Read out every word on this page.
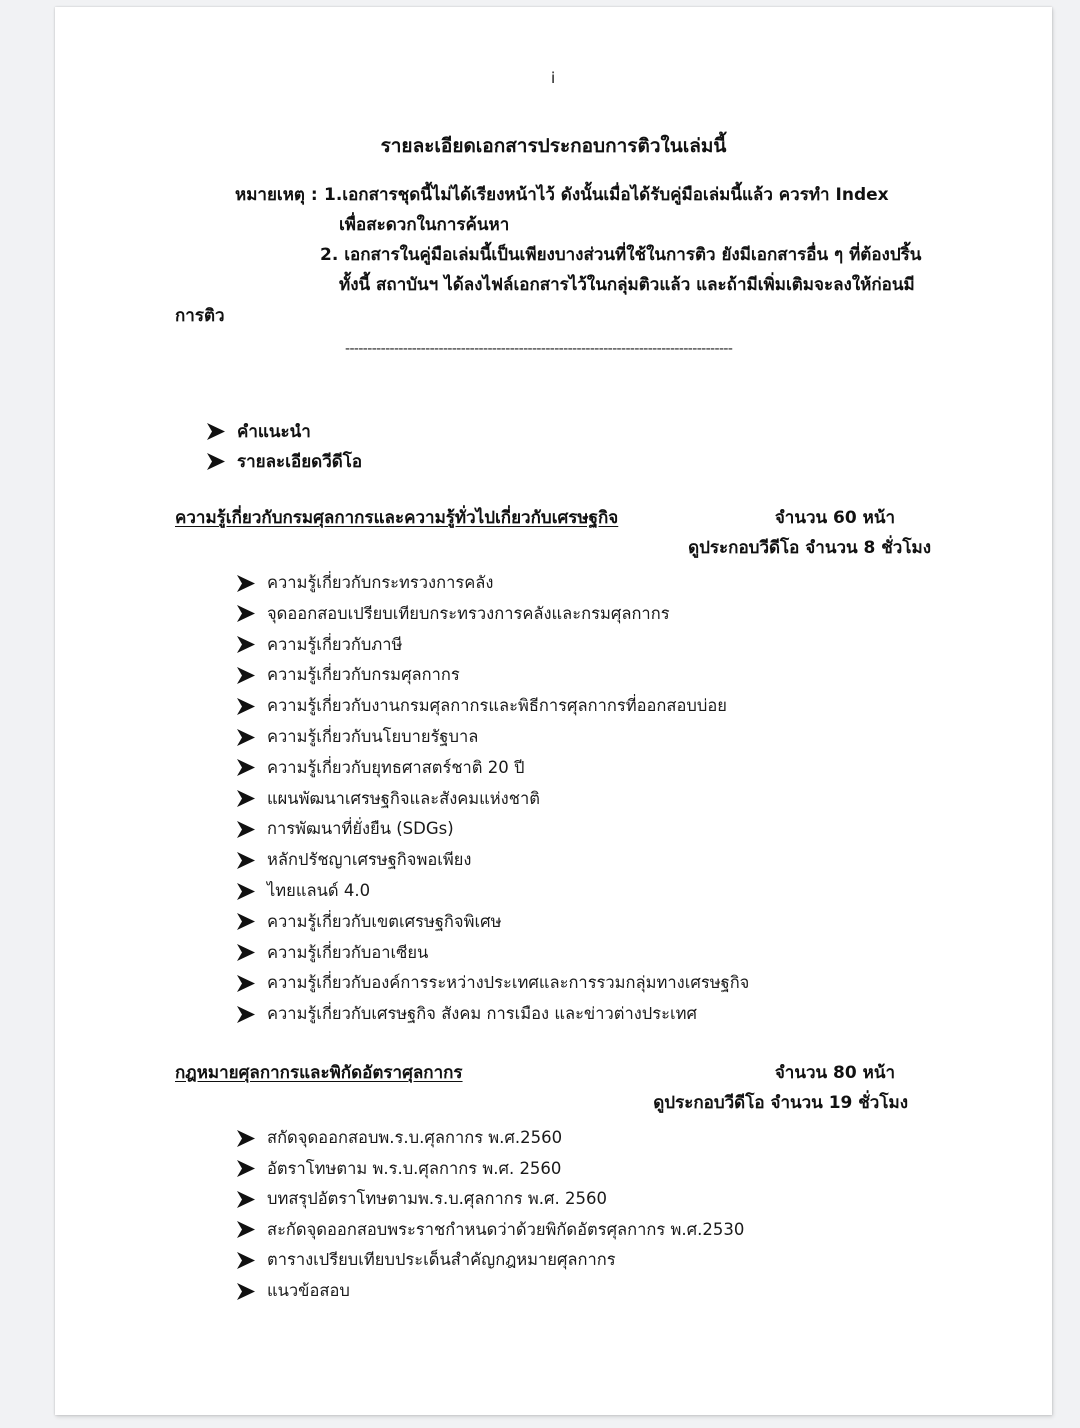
i
รายละเอียดเอกสารประกอบการติวในเล่มนี้
หมายเหตุ : 1.เอกสารชุดนี้ไม่ได้เรียงหน้าไว้ ดังนั้นเมื่อได้รับคู่มือเล่มนี้แล้ว ควรทำ Index
เพื่อสะดวกในการค้นหา
2. เอกสารในคู่มือเล่มนี้เป็นเพียงบางส่วนที่ใช้ในการติว ยังมีเอกสารอื่น ๆ ที่ต้องปริ้น
ทั้งนี้ สถาบันฯ ได้ลงไฟล์เอกสารไว้ในกลุ่มติวแล้ว และถ้ามีเพิ่มเติมจะลงให้ก่อนมี
การติว
---------------------------------------------------------------------------------------
คำแนะนำ
รายละเอียดวีดีโอ
ความรู้เกี่ยวกับกรมศุลกากรและความรู้ทั่วไปเกี่ยวกับเศรษฐกิจ	จำนวน 60 หน้า
ดูประกอบวีดีโอ จำนวน 8 ชั่วโมง
ความรู้เกี่ยวกับกระทรวงการคลัง
จุดออกสอบเปรียบเทียบกระทรวงการคลังและกรมศุลกากร
ความรู้เกี่ยวกับภาษี
ความรู้เกี่ยวกับกรมศุลกากร
ความรู้เกี่ยวกับงานกรมศุลกากรและพิธีการศุลกากรที่ออกสอบบ่อย
ความรู้เกี่ยวกับนโยบายรัฐบาล
ความรู้เกี่ยวกับยุทธศาสตร์ชาติ 20 ปี
แผนพัฒนาเศรษฐกิจและสังคมแห่งชาติ
การพัฒนาที่ยั่งยืน (SDGs)
หลักปรัชญาเศรษฐกิจพอเพียง
ไทยแลนด์ 4.0
ความรู้เกี่ยวกับเขตเศรษฐกิจพิเศษ
ความรู้เกี่ยวกับอาเซียน
ความรู้เกี่ยวกับองค์การระหว่างประเทศและการรวมกลุ่มทางเศรษฐกิจ
ความรู้เกี่ยวกับเศรษฐกิจ สังคม การเมือง และข่าวต่างประเทศ
กฎหมายศุลกากรและพิกัดอัตราศุลกากร	จำนวน 80 หน้า
ดูประกอบวีดีโอ จำนวน 19 ชั่วโมง
สกัดจุดออกสอบพ.ร.บ.ศุลกากร พ.ศ.2560
อัตราโทษตาม พ.ร.บ.ศุลกากร พ.ศ. 2560
บทสรุปอัตราโทษตามพ.ร.บ.ศุลกากร พ.ศ. 2560
สะกัดจุดออกสอบพระราชกำหนดว่าด้วยพิกัดอัตรศุลกากร พ.ศ.2530
ตารางเปรียบเทียบประเด็นสำคัญกฎหมายศุลกากร
แนวข้อสอบ
